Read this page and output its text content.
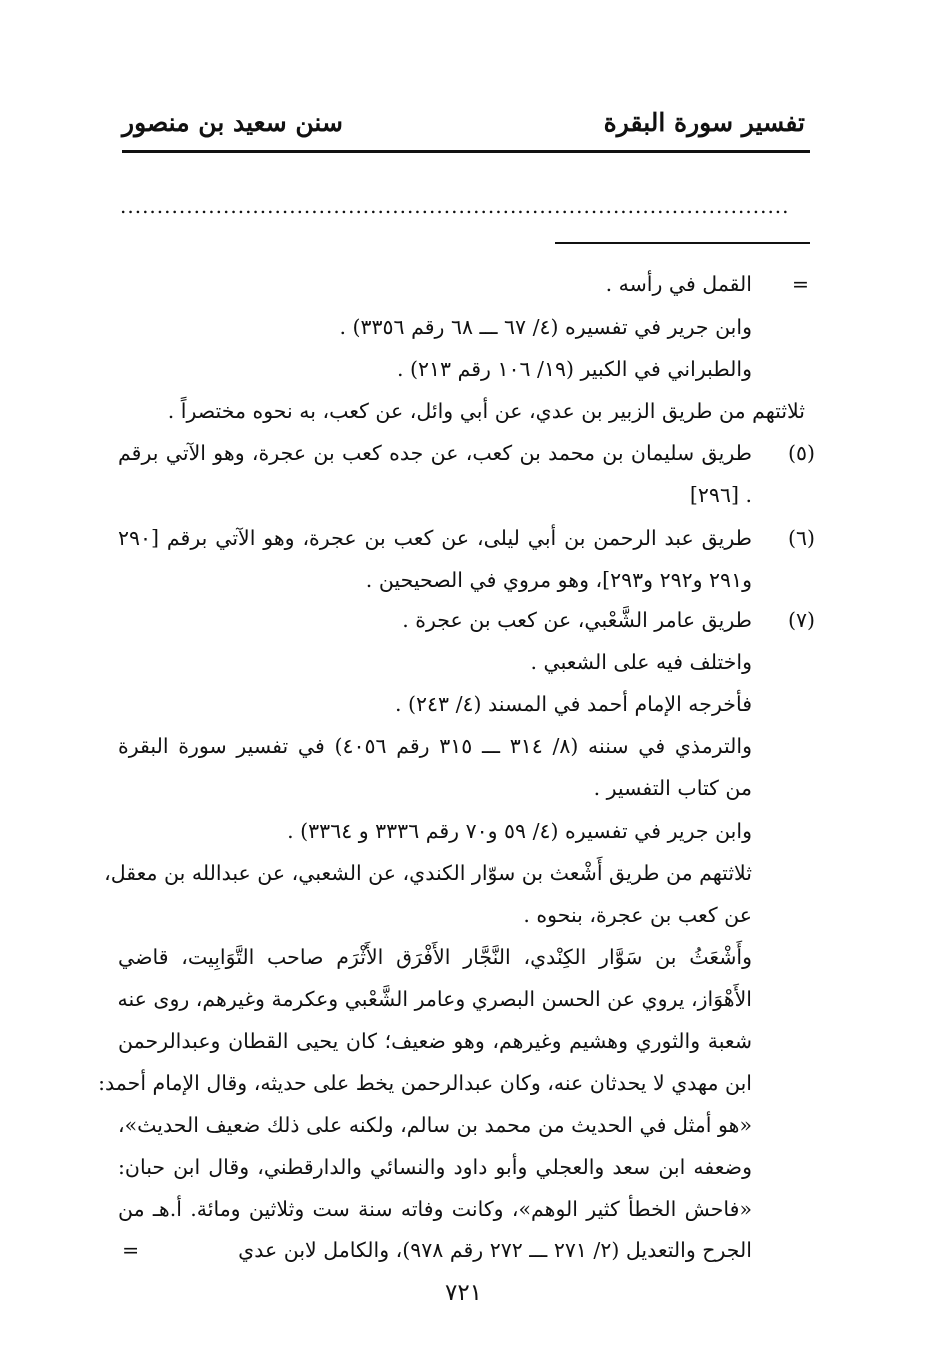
تفسير سورة البقرة
سنن سعيد بن منصور
...........................................................................................
=
القمل في رأسه .
وابن جرير في تفسيره (٤/ ٦٧ ـــ ٦٨ رقم ٣٣٥٦) .
والطبراني في الكبير (١٩/ ١٠٦ رقم ٢١٣) .
ثلاثتهم من طريق الزبير بن عدي، عن أبي وائل، عن كعب، به نحوه مختصراً .
(٥)
طريق سليمان بن محمد بن كعب، عن جده كعب بن عجرة، وهو الآتي برقم
[٢٩٦] .
(٦)
طريق عبد الرحمن بن أبي ليلى، عن كعب بن عجرة، وهو الآتي برقم [٢٩٠
و٢٩١ و٢٩٢ و٢٩٣]، وهو مروي في الصحيحين .
(٧)
طريق عامر الشَّعْبي، عن كعب بن عجرة .
واختلف فيه على الشعبي .
فأخرجه الإمام أحمد في المسند (٤/ ٢٤٣) .
والترمذي في سننه (٨/ ٣١٤ ـــ ٣١٥ رقم ٤٠٥٦) في تفسير سورة البقرة
من كتاب التفسير .
وابن جرير في تفسيره (٤/ ٥٩ و٧٠ رقم ٣٣٣٦ و ٣٣٦٤) .
ثلاثتهم من طريق أَشْعث بن سوّار الكندي، عن الشعبي، عن عبدالله بن معقل،
عن كعب بن عجرة، بنحوه .
وأَشْعَثُ بن سَوَّار الكِنْدي، النَّجَّار الأَفْرَق الأَثْرَم صاحب التَّوَابِيت، قاضي
الأَهْوَاز، يروي عن الحسن البصري وعامر الشَّعْبي وعكرمة وغيرهم، روى عنه
شعبة والثوري وهشيم وغيرهم، وهو ضعيف؛ كان يحيى القطان وعبدالرحمن
ابن مهدي لا يحدثان عنه، وكان عبدالرحمن يخط على حديثه، وقال الإمام أحمد:
«هو أمثل في الحديث من محمد بن سالم، ولكنه على ذلك ضعيف الحديث»،
وضعفه ابن سعد والعجلي وأبو داود والنسائي والدارقطني، وقال ابن حبان:
«فاحش الخطأ كثير الوهم»، وكانت وفاته سنة ست وثلاثين ومائة. أ.هـ من
الجرح والتعديل (٢/ ٢٧١ ـــ ٢٧٢ رقم ٩٧٨)، والكامل لابن عدي
=
٧٢١
